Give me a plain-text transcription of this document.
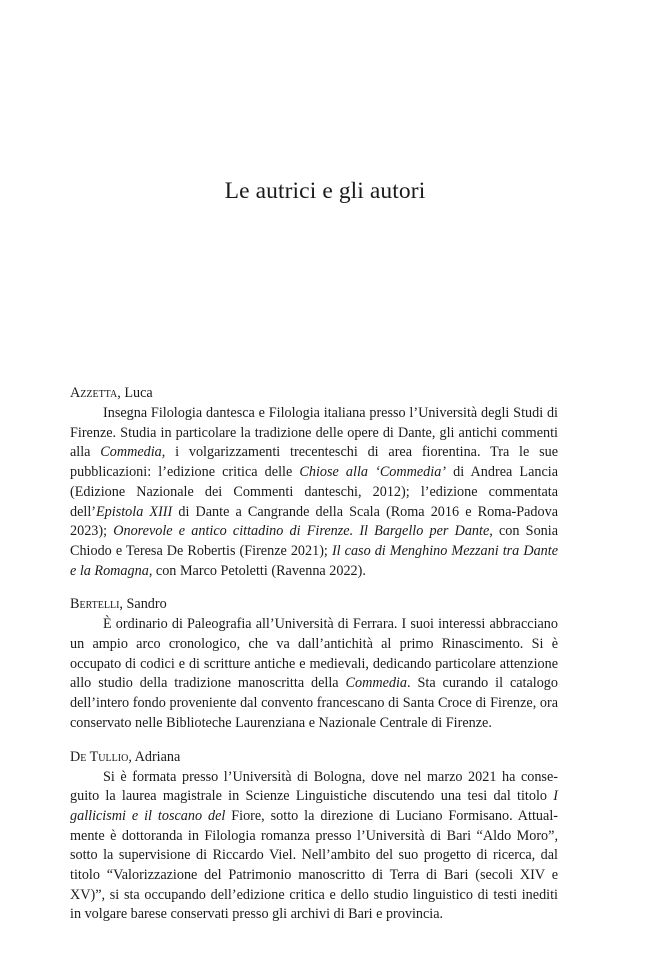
Le autrici e gli autori

Azzetta, Luca

Insegna Filologia dantesca e Filologia italiana presso l’Università degli Studi di Firenze. Studia in particolare la tradizione delle opere di Dante, gli antichi commenti alla Commedia, i volgarizzamenti trecenteschi di area fiorentina. Tra le sue pubblicazioni: l’edizione critica delle Chiose alla ‘Commedia’ di Andrea Lancia (Edizione Nazionale dei Commenti danteschi, 2012); l’edizione commentata dell’Epistola XIII di Dante a Cangrande della Scala (Roma 2016 e Roma-Padova 2023); Onorevole e antico cittadino di Firenze. Il Bargello per Dante, con Sonia Chiodo e Teresa De Robertis (Firenze 2021); Il caso di Menghino Mezzani tra Dante e la Romagna, con Marco Petoletti (Ravenna 2022).

Bertelli, Sandro

È ordinario di Paleografia all’Università di Ferrara. I suoi interessi abbracciano un ampio arco cronologico, che va dall’antichità al primo Rinascimento. Si è occupato di codici e di scritture antiche e medievali, dedicando particolare attenzione allo studio della tradizione manoscritta della Commedia. Sta curando il catalogo dell’intero fondo proveniente dal convento francescano di Santa Croce di Firenze, ora conservato nelle Biblioteche Laurenziana e Nazionale Centrale di Firenze.

De Tullio, Adriana

Si è formata presso l’Università di Bologna, dove nel marzo 2021 ha conseguito la laurea magistrale in Scienze Linguistiche discutendo una tesi dal titolo I gallicismi e il toscano del Fiore, sotto la direzione di Luciano Formisano. Attualmente è dottoranda in Filologia romanza presso l’Università di Bari “Aldo Moro”, sotto la supervisione di Riccardo Viel. Nell’ambito del suo progetto di ricerca, dal titolo “Valorizzazione del Patrimonio manoscritto di Terra di Bari (secoli XIV e XV)”, si sta occupando dell’edizione critica e dello studio linguistico di testi inediti in volgare barese conservati presso gli archivi di Bari e provincia.
